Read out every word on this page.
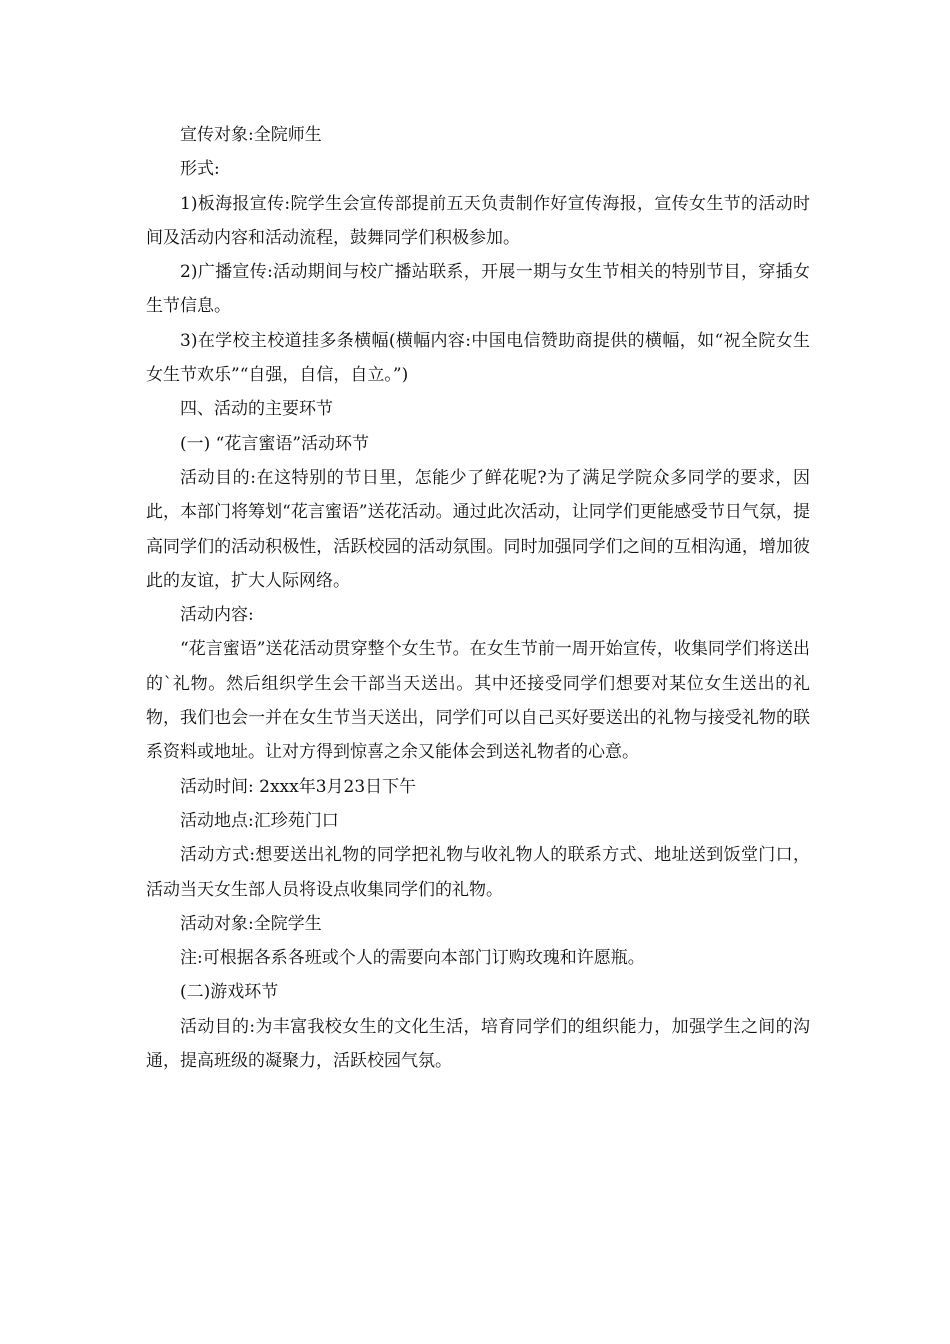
宣传对象:全院师生

形式:

1)板海报宣传:院学生会宣传部提前五天负责制作好宣传海报，宣传女生节的活动时间及活动内容和活动流程，鼓舞同学们积极参加。

2)广播宣传:活动期间与校广播站联系，开展一期与女生节相关的特别节目，穿插女生节信息。

3)在学校主校道挂多条横幅(横幅内容:中国电信赞助商提供的横幅，如“祝全院女生女生节欢乐”“自强，自信，自立。”)

四、活动的主要环节

(一) “花言蜜语”活动环节

活动目的:在这特别的节日里，怎能少了鲜花呢?为了满足学院众多同学的要求，因此，本部门将筹划“花言蜜语”送花活动。通过此次活动，让同学们更能感受节日气氛，提高同学们的活动积极性，活跃校园的活动氛围。同时加强同学们之间的互相沟通，增加彼此的友谊，扩大人际网络。

活动内容:

“花言蜜语”送花活动贯穿整个女生节。在女生节前一周开始宣传，收集同学们将送出的`礼物。然后组织学生会干部当天送出。其中还接受同学们想要对某位女生送出的礼物，我们也会一并在女生节当天送出，同学们可以自己买好要送出的礼物与接受礼物的联系资料或地址。让对方得到惊喜之余又能体会到送礼物者的心意。

活动时间: 2xxx年3月23日下午

活动地点:汇珍苑门口

活动方式:想要送出礼物的同学把礼物与收礼物人的联系方式、地址送到饭堂门口，活动当天女生部人员将设点收集同学们的礼物。

活动对象:全院学生

注:可根据各系各班或个人的需要向本部门订购玫瑰和许愿瓶。

(二)游戏环节

活动目的:为丰富我校女生的文化生活，培育同学们的组织能力，加强学生之间的沟通，提高班级的凝聚力，活跃校园气氛。
